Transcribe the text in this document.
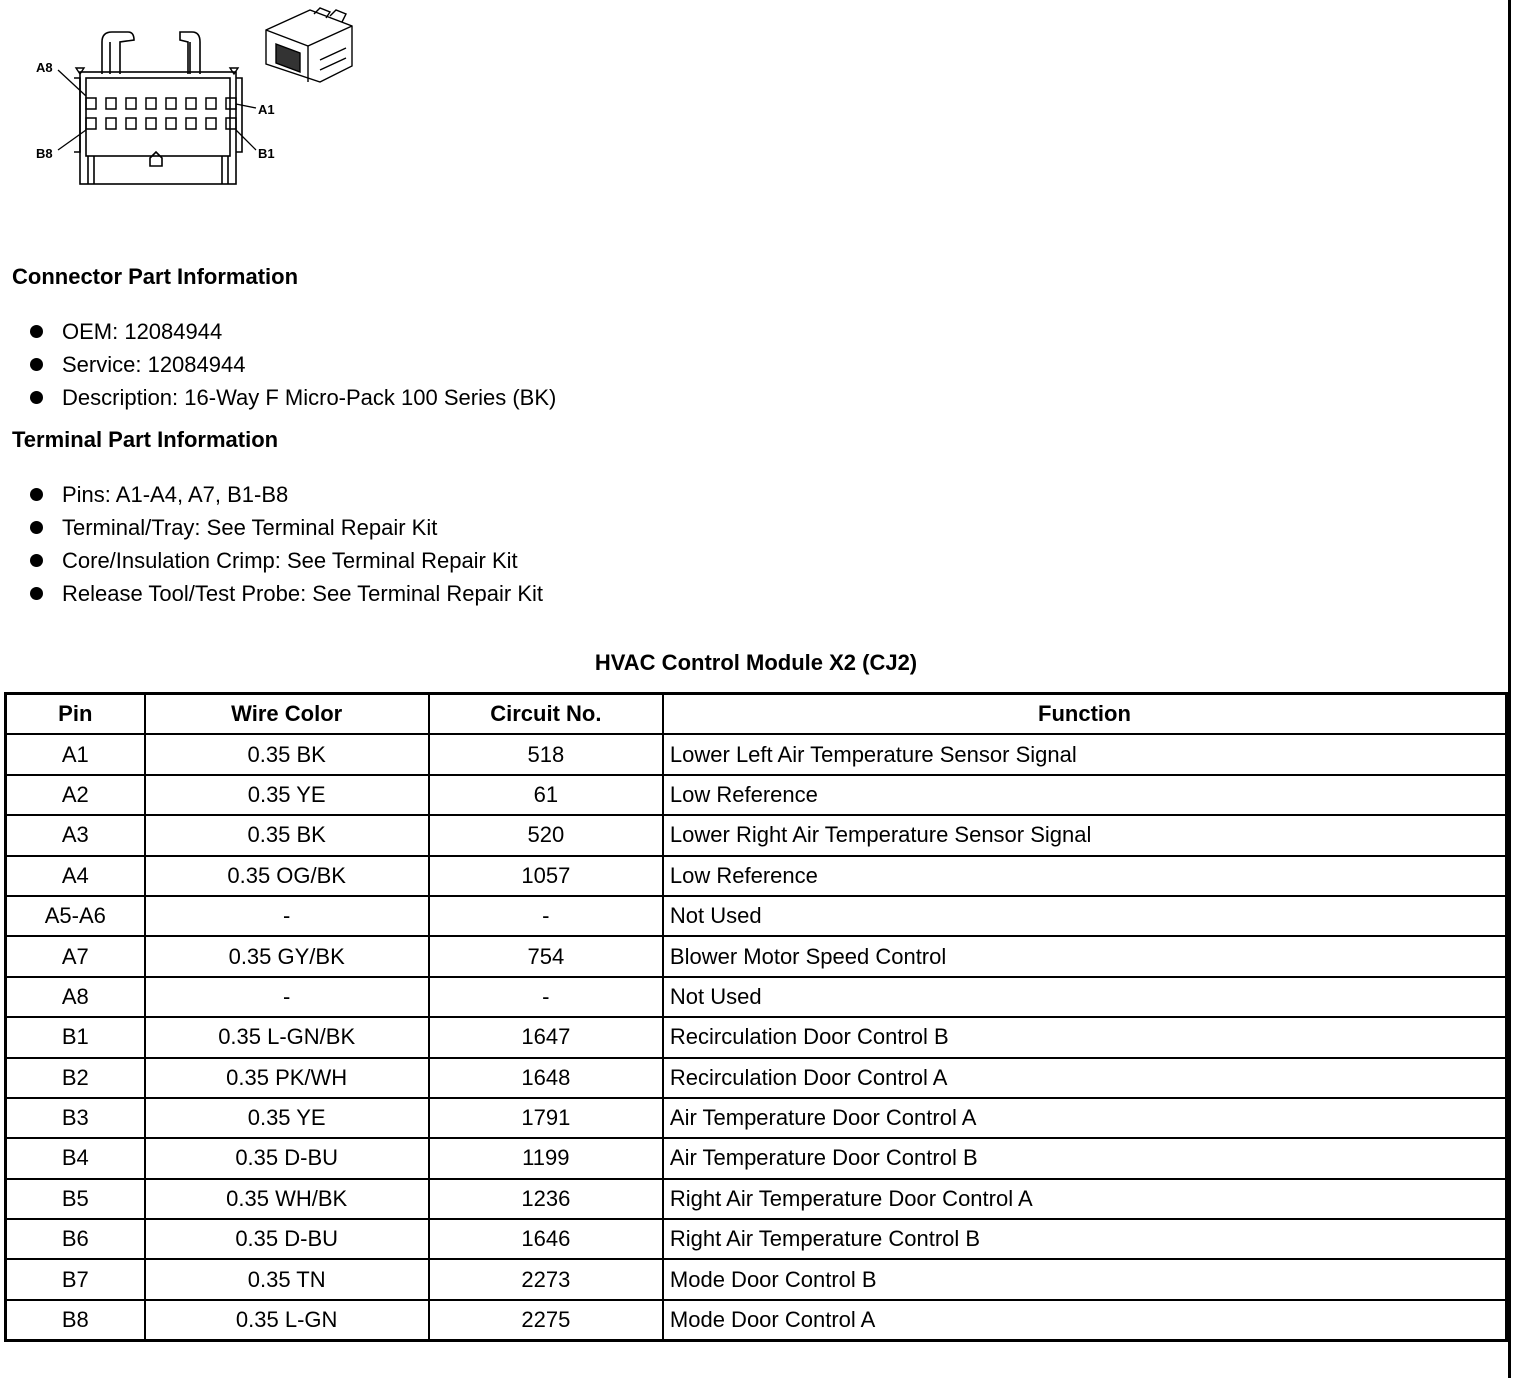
A8
A1
B8	B1
Connector Part Information
OEM: 12084944
Service: 12084944
Description: 16-Way F Micro-Pack 100 Series (BK)
Terminal Part Information
Pins: A1-A4, A7, B1-B8
Terminal/Tray: See Terminal Repair Kit
Core/Insulation Crimp: See Terminal Repair Kit
Release Tool/Test Probe: See Terminal Repair Kit
HVAC Control Module X2 (CJ2)
Pin	Wire Color	Circuit No.	Function
A1	0.35 BK	518	Lower Left Air Temperature Sensor Signal
A2	0.35 YE	61	Low Reference
A3	0.35 BK	520	Lower Right Air Temperature Sensor Signal
A4	0.35 OG/BK	1057	Low Reference
A5-A6	-	-	Not Used
A7	0.35 GY/BK	754	Blower Motor Speed Control
A8	-	-	Not Used
B1	0.35 L-GN/BK	1647	Recirculation Door Control B
B2	0.35 PK/WH	1648	Recirculation Door Control A
B3	0.35 YE	1791	Air Temperature Door Control A
B4	0.35 D-BU	1199	Air Temperature Door Control B
B5	0.35 WH/BK	1236	Right Air Temperature Door Control A
B6	0.35 D-BU	1646	Right Air Temperature Control B
B7	0.35 TN	2273	Mode Door Control B
B8	0.35 L-GN	2275	Mode Door Control A
